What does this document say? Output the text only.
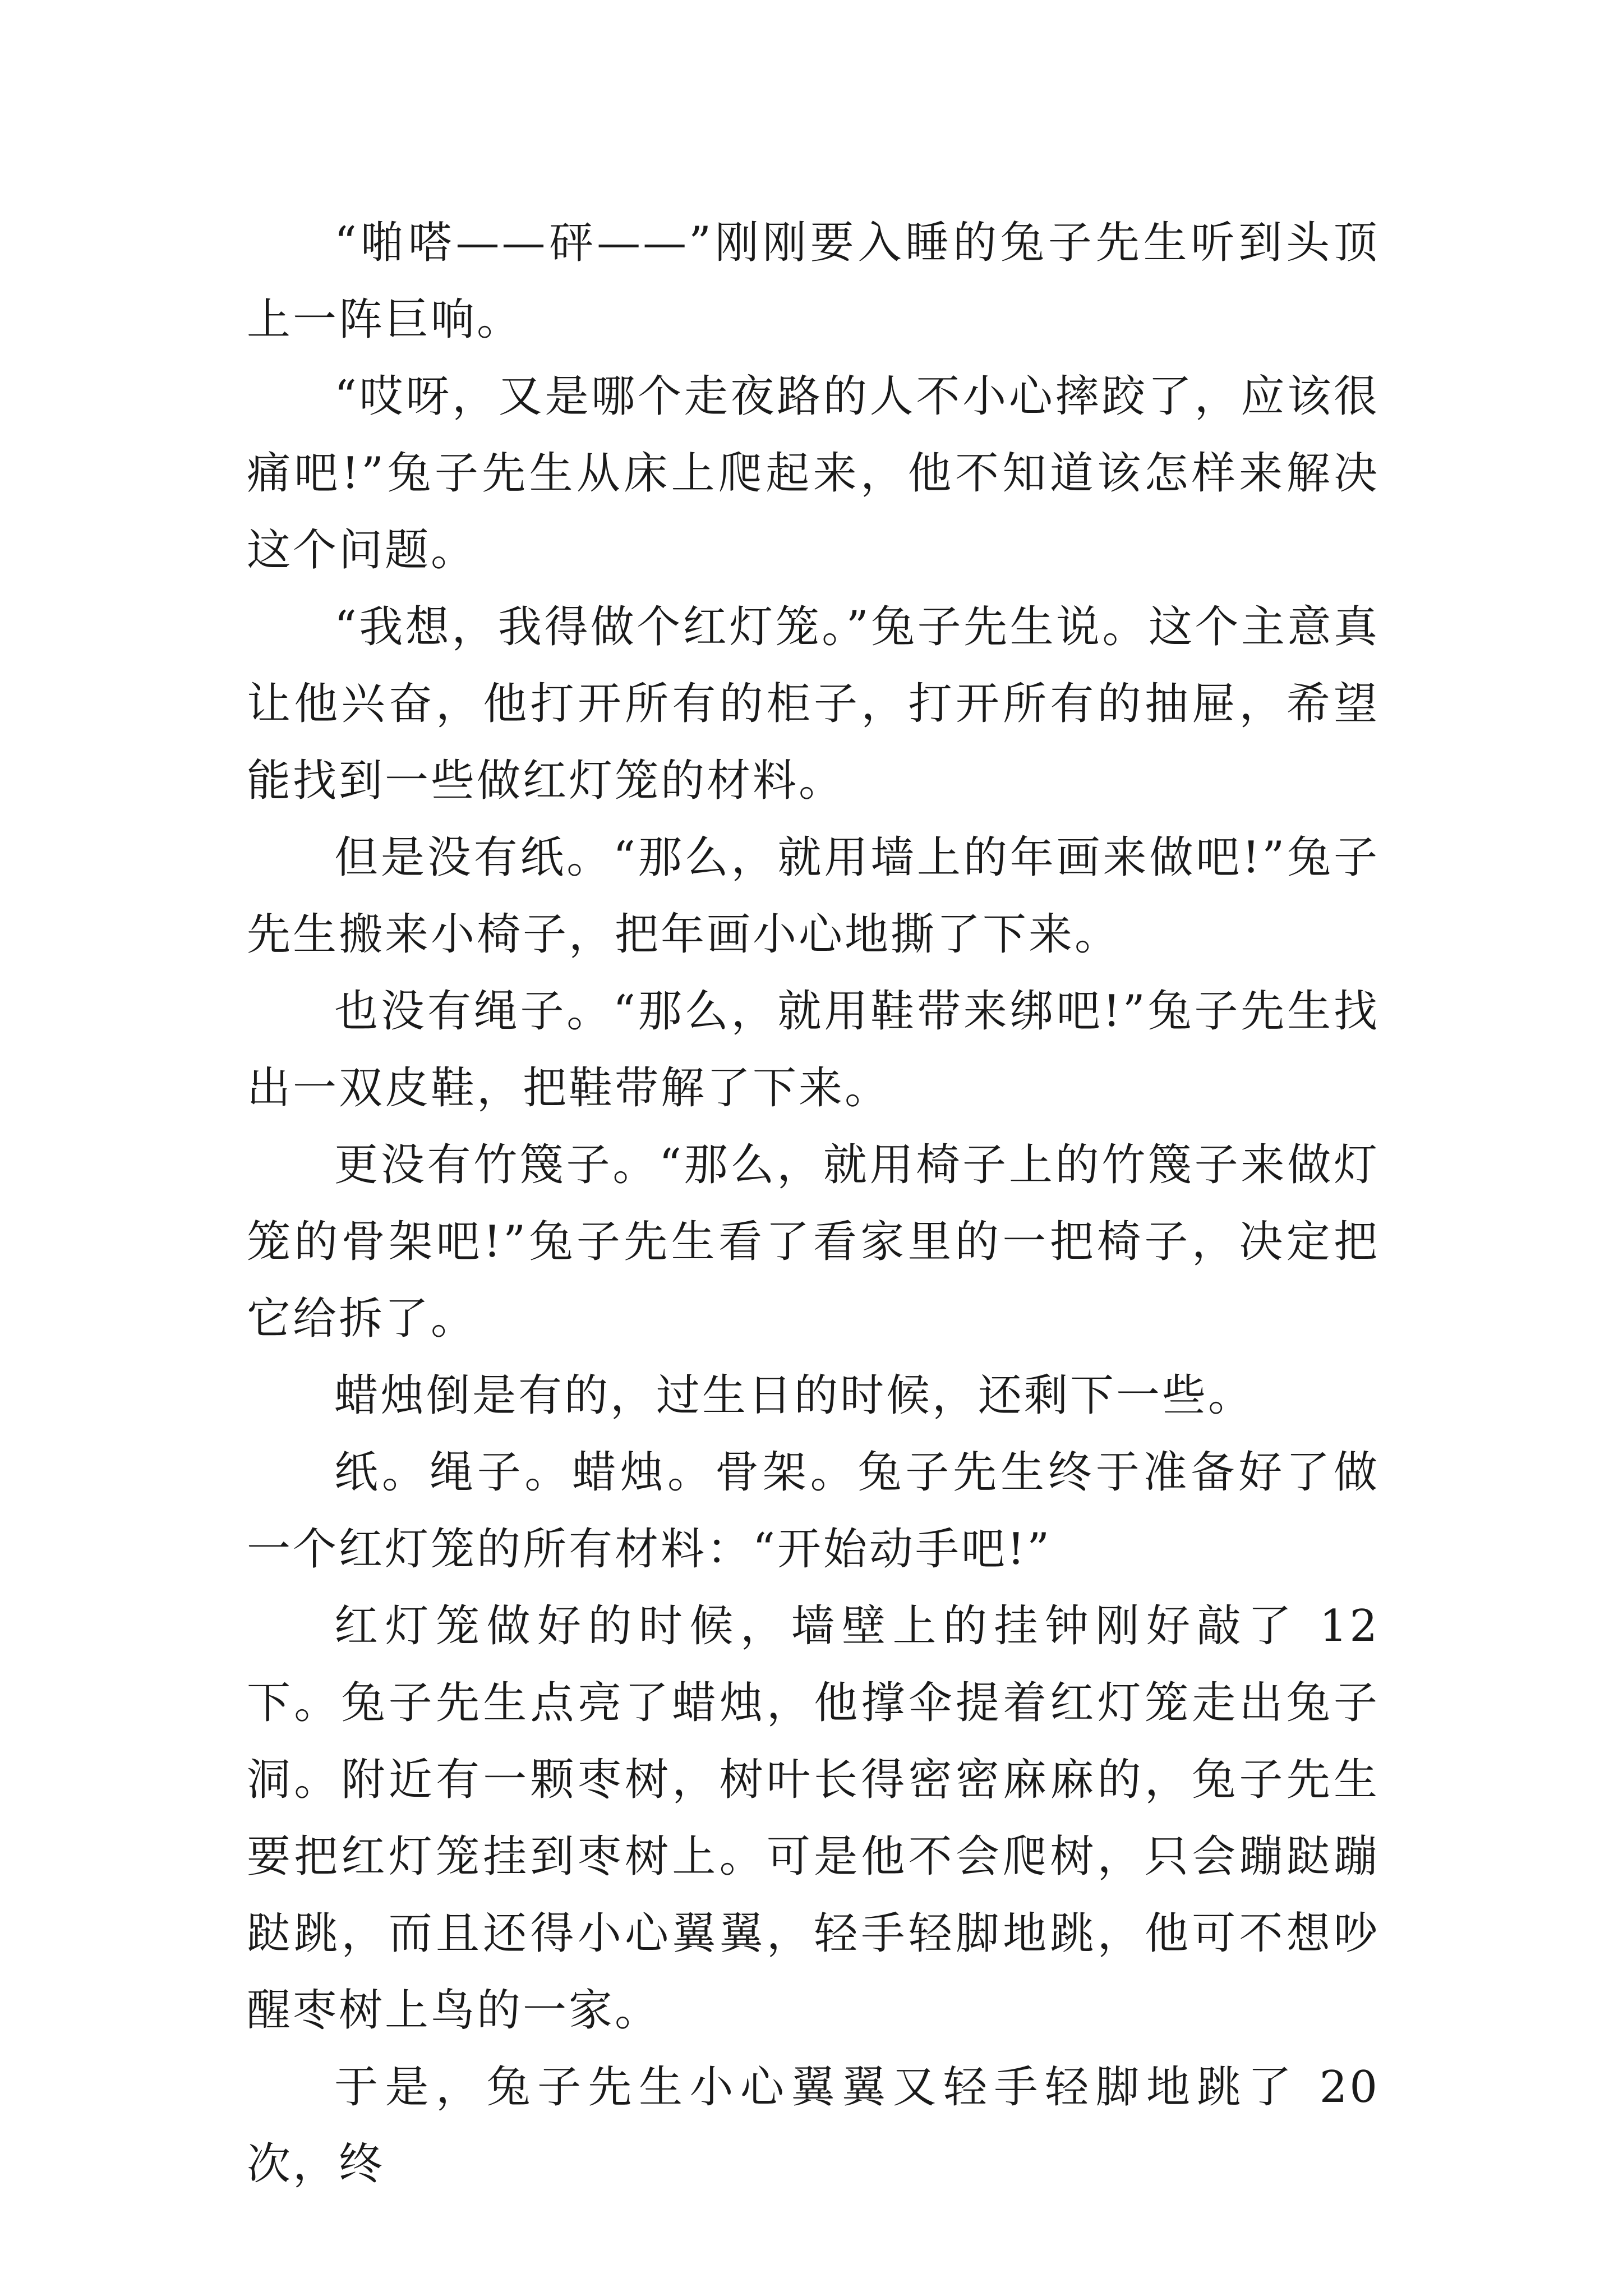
“啪嗒——砰——”刚刚要入睡的兔子先生听到头顶上一阵巨响。

“哎呀，又是哪个走夜路的人不小心摔跤了，应该很痛吧!”兔子先生从床上爬起来，他不知道该怎样来解决这个问题。

“我想，我得做个红灯笼。”兔子先生说。这个主意真让他兴奋，他打开所有的柜子，打开所有的抽屉，希望能找到一些做红灯笼的材料。

但是没有纸。“那么，就用墙上的年画来做吧!”兔子先生搬来小椅子，把年画小心地撕了下来。

也没有绳子。“那么，就用鞋带来绑吧!”兔子先生找出一双皮鞋，把鞋带解了下来。

更没有竹篾子。“那么，就用椅子上的竹篾子来做灯笼的骨架吧!”兔子先生看了看家里的一把椅子，决定把它给拆了。

蜡烛倒是有的，过生日的时候，还剩下一些。

纸。绳子。蜡烛。骨架。兔子先生终于准备好了做一个红灯笼的所有材料：“开始动手吧!”

红灯笼做好的时候，墙壁上的挂钟刚好敲了 12 下。兔子先生点亮了蜡烛，他撑伞提着红灯笼走出兔子洞。附近有一颗枣树，树叶长得密密麻麻的，兔子先生要把红灯笼挂到枣树上。可是他不会爬树，只会蹦跶蹦跶跳，而且还得小心翼翼，轻手轻脚地跳，他可不想吵醒枣树上鸟的一家。

于是，兔子先生小心翼翼又轻手轻脚地跳了 20 次，终
